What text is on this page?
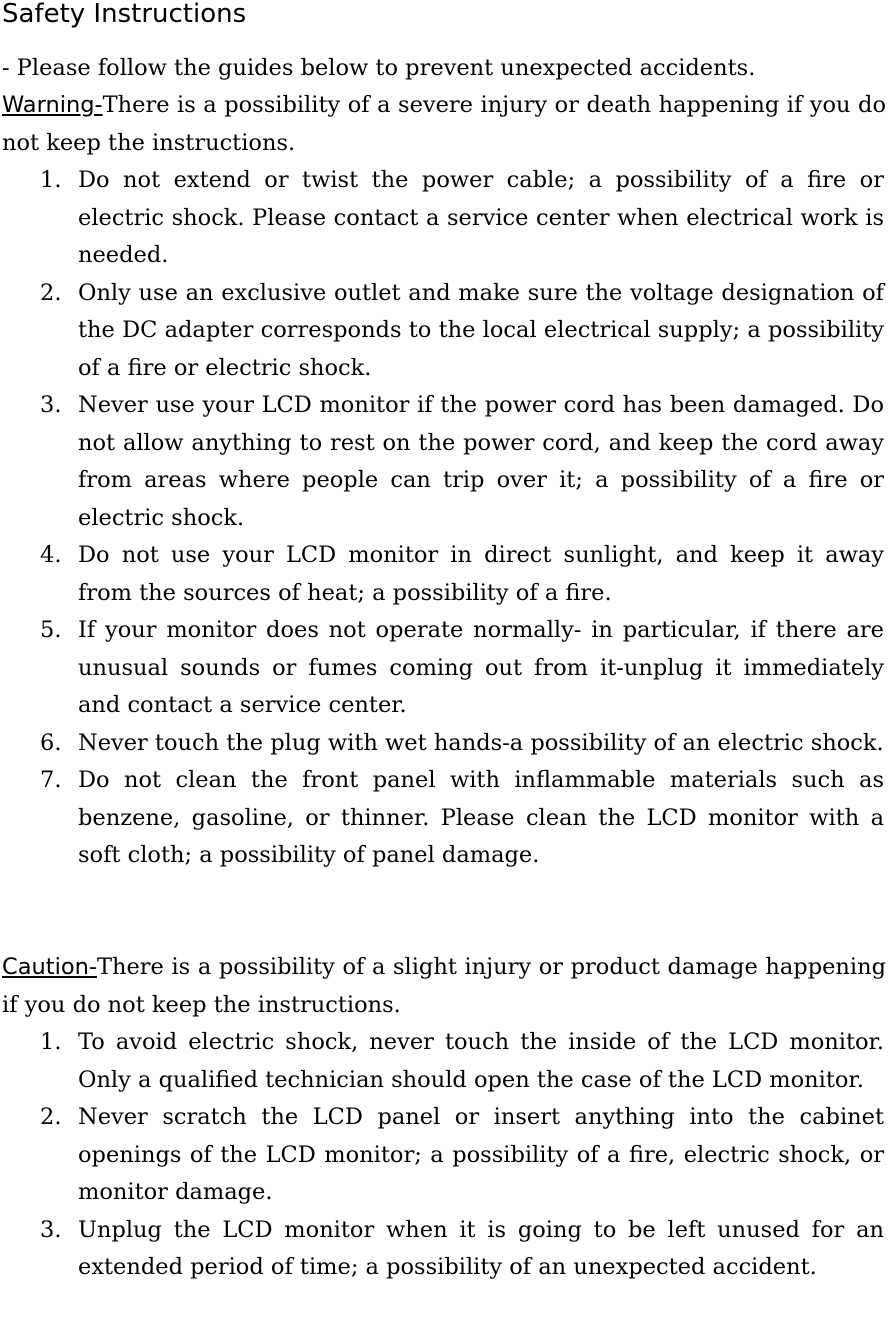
Safety Instructions
- Please follow the guides below to prevent unexpected accidents.
Warning-There is a possibility of a severe injury or death happening if you do not keep the instructions.
1. Do not extend or twist the power cable; a possibility of a fire or electric shock. Please contact a service center when electrical work is needed.
2. Only use an exclusive outlet and make sure the voltage designation of the DC adapter corresponds to the local electrical supply; a possibility of a fire or electric shock.
3. Never use your LCD monitor if the power cord has been damaged. Do not allow anything to rest on the power cord, and keep the cord away from areas where people can trip over it; a possibility of a fire or electric shock.
4. Do not use your LCD monitor in direct sunlight, and keep it away from the sources of heat; a possibility of a fire.
5. If your monitor does not operate normally- in particular, if there are unusual sounds or fumes coming out from it-unplug it immediately and contact a service center.
6. Never touch the plug with wet hands-a possibility of an electric shock.
7. Do not clean the front panel with inflammable materials such as benzene, gasoline, or thinner. Please clean the LCD monitor with a soft cloth; a possibility of panel damage.
Caution-There is a possibility of a slight injury or product damage happening if you do not keep the instructions.
1. To avoid electric shock, never touch the inside of the LCD monitor. Only a qualified technician should open the case of the LCD monitor.
2. Never scratch the LCD panel or insert anything into the cabinet openings of the LCD monitor; a possibility of a fire, electric shock, or monitor damage.
3. Unplug the LCD monitor when it is going to be left unused for an extended period of time; a possibility of an unexpected accident.
